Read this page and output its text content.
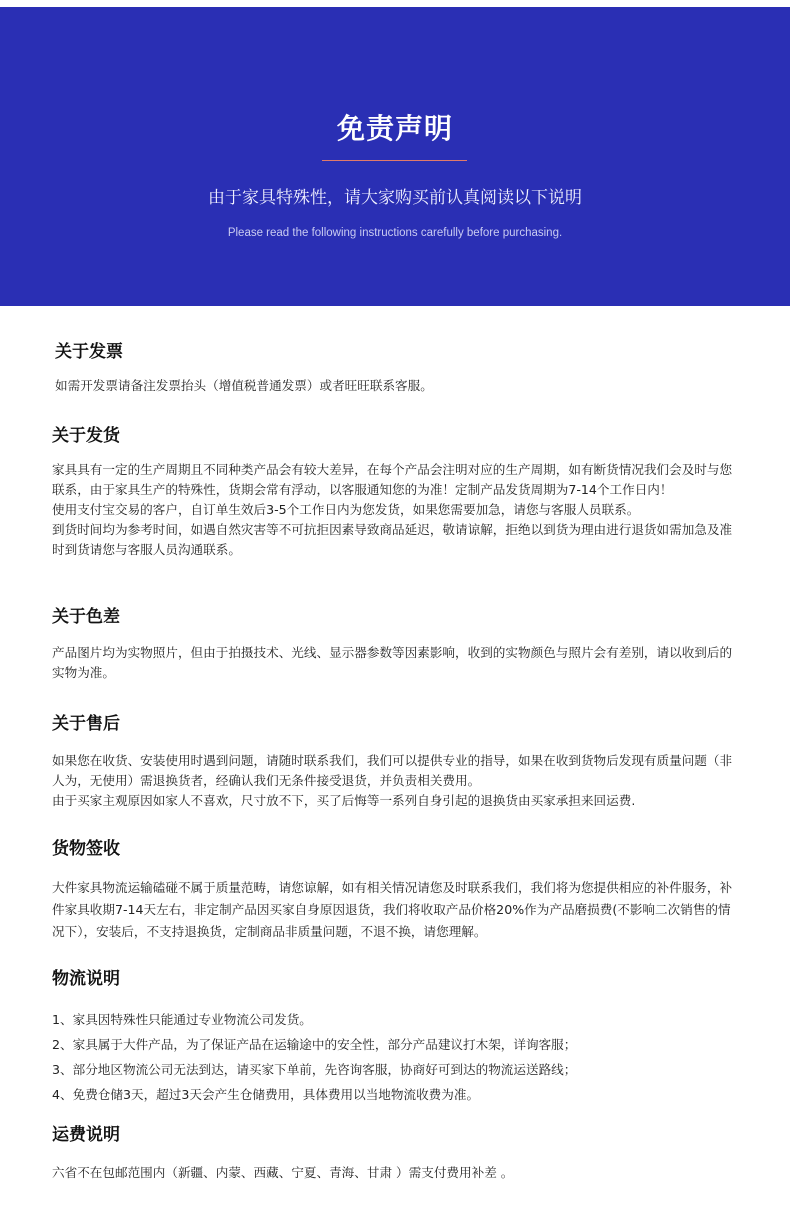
免责声明
由于家具特殊性，请大家购买前认真阅读以下说明
Please read the following instructions carefully before purchasing.
关于发票

如需开发票请备注发票抬头（增值税普通发票）或者旺旺联系客服。

关于发货

家具具有一定的生产周期且不同种类产品会有较大差异，在每个产品会注明对应的生产周期，如有断货情况我们会及时与您联系，由于家具生产的特殊性，货期会常有浮动，以客服通知您的为准！定制产品发货周期为7-14个工作日内！

使用支付宝交易的客户，自订单生效后3-5个工作日内为您发货，如果您需要加急，请您与客服人员联系。

到货时间均为参考时间，如遇自然灾害等不可抗拒因素导致商品延迟，敬请谅解，拒绝以到货为理由进行退货如需加急及准时到货请您与客服人员沟通联系。

关于色差

产品图片均为实物照片，但由于拍摄技术、光线、显示器参数等因素影响，收到的实物颜色与照片会有差别，请以收到后的实物为准。

关于售后

如果您在收货、安装使用时遇到问题，请随时联系我们，我们可以提供专业的指导，如果在收到货物后发现有质量问题（非人为，无使用）需退换货者，经确认我们无条件接受退货，并负责相关费用。

由于买家主观原因如家人不喜欢，尺寸放不下，买了后悔等一系列自身引起的退换货由买家承担来回运费.

货物签收

大件家具物流运输磕碰不属于质量范畴，请您谅解，如有相关情况请您及时联系我们，我们将为您提供相应的补件服务，补件家具收期7-14天左右，非定制产品因买家自身原因退货，我们将收取产品价格20%作为产品磨损费(不影响二次销售的情况下），安装后，不支持退换货，定制商品非质量问题，不退不换，请您理解。

物流说明

1、家具因特殊性只能通过专业物流公司发货。

2、家具属于大件产品，为了保证产品在运输途中的安全性，部分产品建议打木架，详询客服；

3、部分地区物流公司无法到达，请买家下单前，先咨询客服，协商好可到达的物流运送路线；

4、免费仓储3天，超过3天会产生仓储费用，具体费用以当地物流收费为准。

运费说明

六省不在包邮范围内（新疆、内蒙、西藏、宁夏、青海、甘肃 ）需支付费用补差 。
